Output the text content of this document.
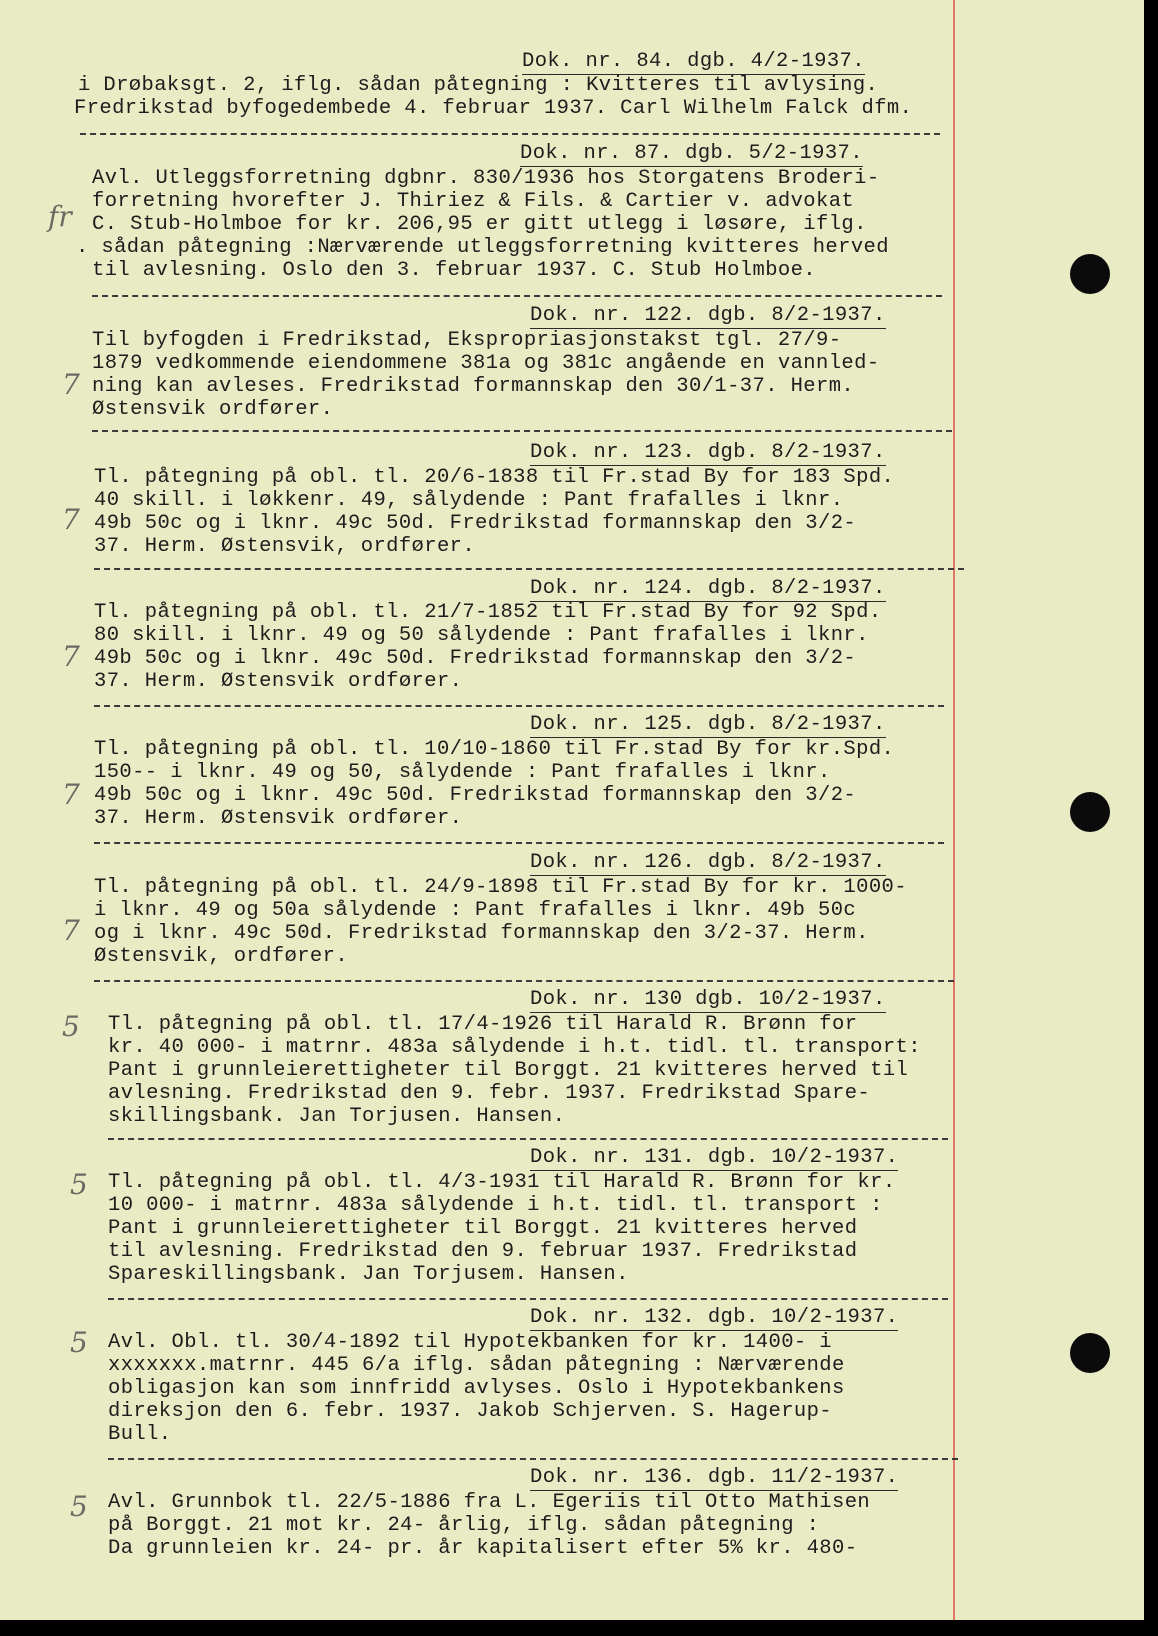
Dok. nr. 84. dgb. 4/2-1937.
i Drøbaksgt. 2, iflg. sådan påtegning : Kvitteres til avlysing.
Fredrikstad byfogedembede 4. februar 1937. Carl Wilhelm Falck dfm.
Dok. nr. 87. dgb. 5/2-1937.
fr
Avl. Utleggsforretning dgbnr. 830/1936 hos Storgatens Broderi-
forretning hvorefter J. Thiriez & Fils. & Cartier v. advokat
C. Stub-Holmboe for kr. 206,95 er gitt utlegg i løsøre, iflg.
. sådan påtegning :Nærværende utleggsforretning kvitteres herved
til avlesning. Oslo den 3. februar 1937. C. Stub Holmboe.
Dok. nr. 122. dgb. 8/2-1937.
7
Til byfogden i Fredrikstad, Ekspropriasjonstakst tgl. 27/9-
1879 vedkommende eiendommene 381a og 381c angående en vannled-
ning kan avleses. Fredrikstad formannskap den 30/1-37. Herm.
Østensvik ordfører.
Dok. nr. 123. dgb. 8/2-1937.
7
Tl. påtegning på obl. tl. 20/6-1838 til Fr.stad By for 183 Spd.
40 skill. i løkkenr. 49, sålydende : Pant frafalles i lknr.
49b 50c og i lknr. 49c 50d. Fredrikstad formannskap den 3/2-
37. Herm. Østensvik, ordfører.
Dok. nr. 124. dgb. 8/2-1937.
7
Tl. påtegning på obl. tl. 21/7-1852 til Fr.stad By for 92 Spd.
80 skill. i lknr. 49 og 50 sålydende : Pant frafalles i lknr.
49b 50c og i lknr. 49c 50d. Fredrikstad formannskap den 3/2-
37. Herm. Østensvik ordfører.
Dok. nr. 125. dgb. 8/2-1937.
7
Tl. påtegning på obl. tl. 10/10-1860 til Fr.stad By for kr.Spd.
150-- i lknr. 49 og 50, sålydende : Pant frafalles i lknr.
49b 50c og i lknr. 49c 50d. Fredrikstad formannskap den 3/2-
37. Herm. Østensvik ordfører.
Dok. nr. 126. dgb. 8/2-1937.
7
Tl. påtegning på obl. tl. 24/9-1898 til Fr.stad By for kr. 1000-
i lknr. 49 og 50a sålydende : Pant frafalles i lknr. 49b 50c
og i lknr. 49c 50d. Fredrikstad formannskap den 3/2-37. Herm.
Østensvik, ordfører.
Dok. nr. 130 dgb. 10/2-1937.
5 Tl. påtegning på obl. tl. 17/4-1926 til Harald R. Brønn for
kr. 40 000- i matrnr. 483a sålydende i h.t. tidl. tl. transport:
Pant i grunnleierettigheter til Borggt. 21 kvitteres herved til
avlesning. Fredrikstad den 9. febr. 1937. Fredrikstad Spare-
skillingsbank. Jan Torjusen. Hansen.
Dok. nr. 131. dgb. 10/2-1937.
5 Tl. påtegning på obl. tl. 4/3-1931 til Harald R. Brønn for kr.
10 000- i matrnr. 483a sålydende i h.t. tidl. tl. transport :
Pant i grunnleierettigheter til Borggt. 21 kvitteres herved
til avlesning. Fredrikstad den 9. februar 1937. Fredrikstad
Spareskillingsbank. Jan Torjusem. Hansen.
Dok. nr. 132. dgb. 10/2-1937.
5 Avl. Obl. tl. 30/4-1892 til Hypotekbanken for kr. 1400- i
xxxxxxx.matrnr. 445 6/a iflg. sådan påtegning : Nærværende
obligasjon kan som innfridd avlyses. Oslo i Hypotekbankens
direksjon den 6. febr. 1937. Jakob Schjerven. S. Hagerup-
Bull.
Dok. nr. 136. dgb. 11/2-1937.
5 Avl. Grunnbok tl. 22/5-1886 fra L. Egeriis til Otto Mathisen
på Borggt. 21 mot kr. 24- årlig, iflg. sådan påtegning :
Da grunnleien kr. 24- pr. år kapitalisert efter 5% kr. 480-
